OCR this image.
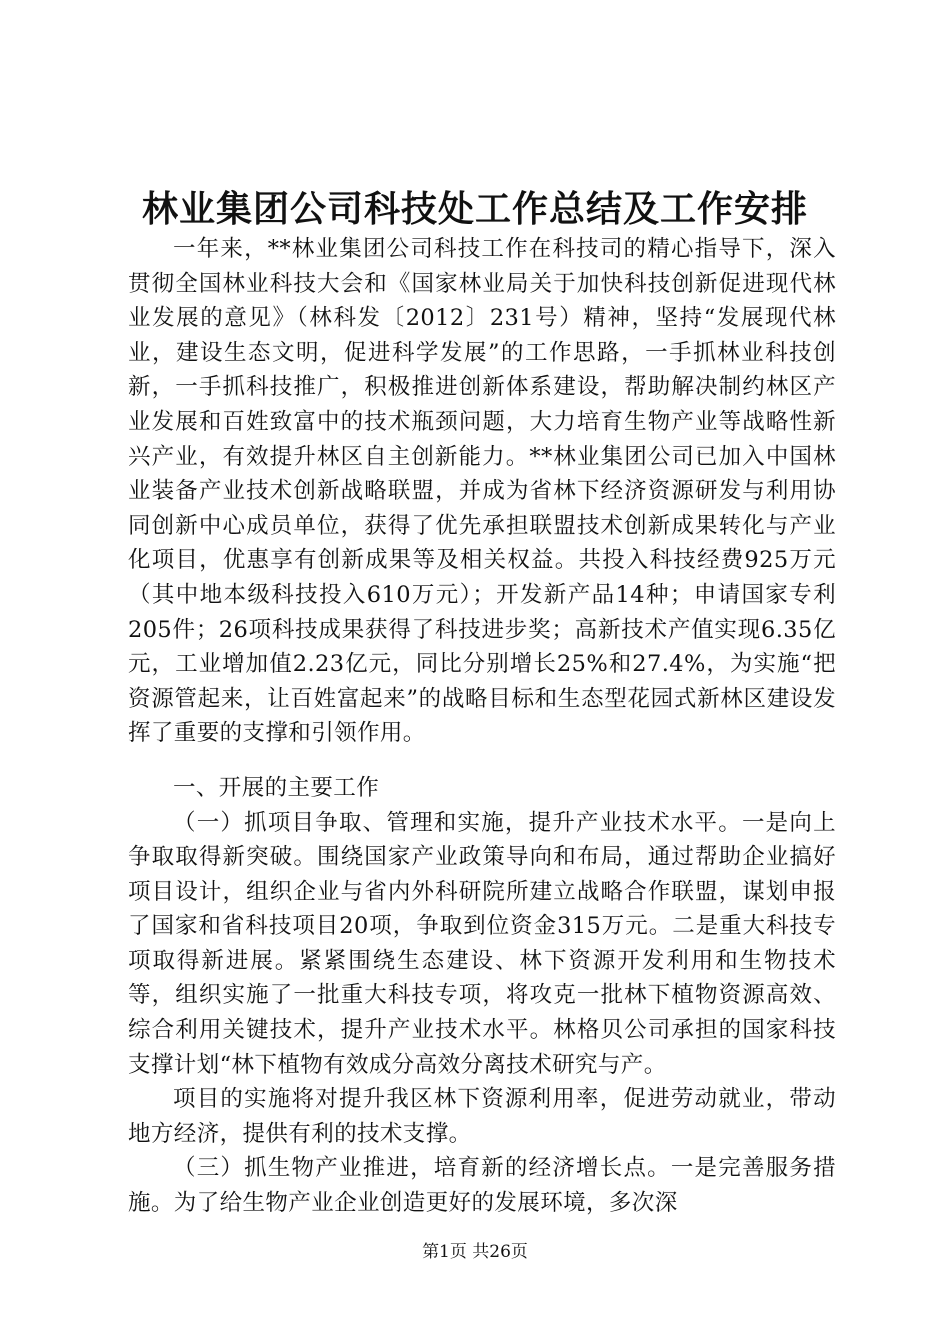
林业集团公司科技处工作总结及工作安排

一年来，**林业集团公司科技工作在科技司的精心指导下，深入贯彻全国林业科技大会和《国家林业局关于加快科技创新促进现代林业发展的意见》（林科发〔2012〕231号）精神，坚持“发展现代林业，建设生态文明，促进科学发展”的工作思路，一手抓林业科技创新，一手抓科技推广，积极推进创新体系建设，帮助解决制约林区产业发展和百姓致富中的技术瓶颈问题，大力培育生物产业等战略性新兴产业，有效提升林区自主创新能力。**林业集团公司已加入中国林业装备产业技术创新战略联盟，并成为省林下经济资源研发与利用协同创新中心成员单位，获得了优先承担联盟技术创新成果转化与产业化项目，优惠享有创新成果等及相关权益。共投入科技经费925万元（其中地本级科技投入610万元）；开发新产品14种；申请国家专利205件；26项科技成果获得了科技进步奖；高新技术产值实现6.35亿元，工业增加值2.23亿元，同比分别增长25%和27.4%，为实施“把资源管起来，让百姓富起来”的战略目标和生态型花园式新林区建设发挥了重要的支撑和引领作用。

一、开展的主要工作

（一）抓项目争取、管理和实施，提升产业技术水平。一是向上争取取得新突破。围绕国家产业政策导向和布局，通过帮助企业搞好项目设计，组织企业与省内外科研院所建立战略合作联盟，谋划申报了国家和省科技项目20项，争取到位资金315万元。二是重大科技专项取得新进展。紧紧围绕生态建设、林下资源开发利用和生物技术等，组织实施了一批重大科技专项，将攻克一批林下植物资源高效、综合利用关键技术，提升产业技术水平。林格贝公司承担的国家科技支撑计划“林下植物有效成分高效分离技术研究与产。

项目的实施将对提升我区林下资源利用率，促进劳动就业，带动地方经济，提供有利的技术支撑。

（三）抓生物产业推进，培育新的经济增长点。一是完善服务措施。为了给生物产业企业创造更好的发展环境，多次深

第1页 共26页
